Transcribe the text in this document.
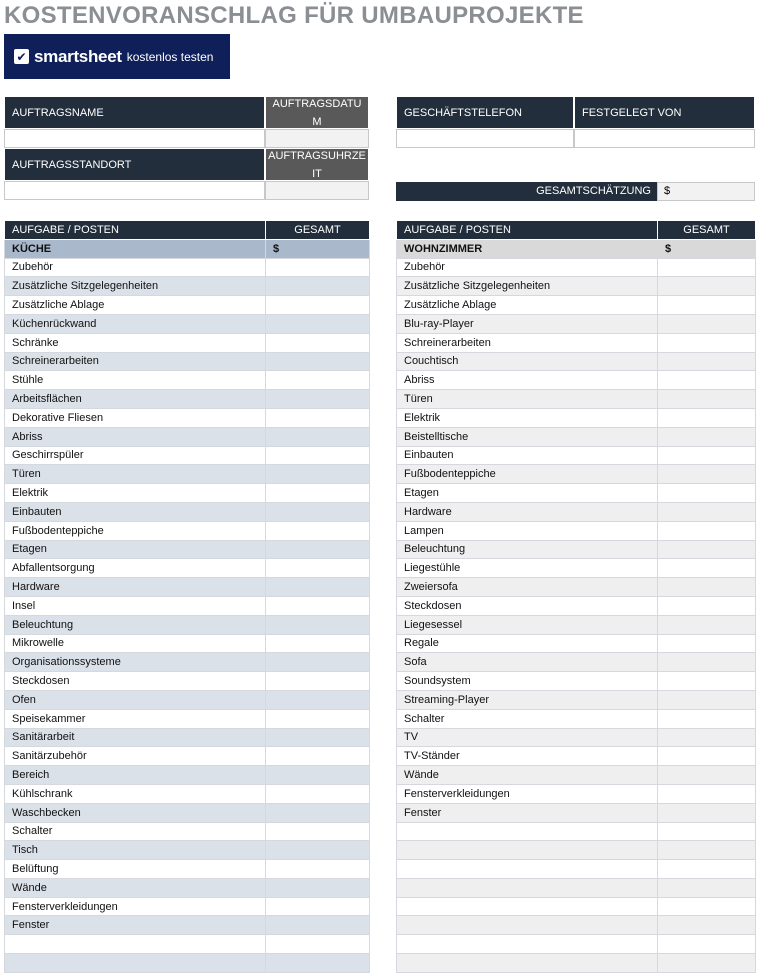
KOSTENVORANSCHLAG FÜR UMBAUPROJEKTE
✔ smartsheet kostenlos testen
AUFTRAGSNAME
AUFTRAGSDATUM
AUFTRAGSSTANDORT
AUFTRAGSUHRZEIT
GESCHÄFTSTELEFON	FESTGELEGT VON
GESAMTSCHÄTZUNG	$
AUFGABE / POSTEN	GESAMT
KÜCHE	$
Zubehör	
Zusätzliche Sitzgelegenheiten	
Zusätzliche Ablage	
Küchenrückwand	
Schränke	
Schreinerarbeiten	
Stühle	
Arbeitsflächen	
Dekorative Fliesen	
Abriss	
Geschirrspüler	
Türen	
Elektrik	
Einbauten	
Fußbodenteppiche	
Etagen	
Abfallentsorgung	
Hardware	
Insel	
Beleuchtung	
Mikrowelle	
Organisationssysteme	
Steckdosen	
Ofen	
Speisekammer	
Sanitärarbeit	
Sanitärzubehör	
Bereich	
Kühlschrank	
Waschbecken	
Schalter	
Tisch	
Belüftung	
Wände	
Fensterverkleidungen	
Fenster	

AUFGABE / POSTEN	GESAMT
WOHNZIMMER	$
Zubehör	
Zusätzliche Sitzgelegenheiten	
Zusätzliche Ablage	
Blu-ray-Player	
Schreinerarbeiten	
Couchtisch	
Abriss	
Türen	
Elektrik	
Beistelltische	
Einbauten	
Fußbodenteppiche	
Etagen	
Hardware	
Lampen	
Beleuchtung	
Liegestühle	
Zweiersofa	
Steckdosen	
Liegesessel	
Regale	
Sofa	
Soundsystem	
Streaming-Player	
Schalter	
TV	
TV-Ständer	
Wände	
Fensterverkleidungen	
Fenster	
